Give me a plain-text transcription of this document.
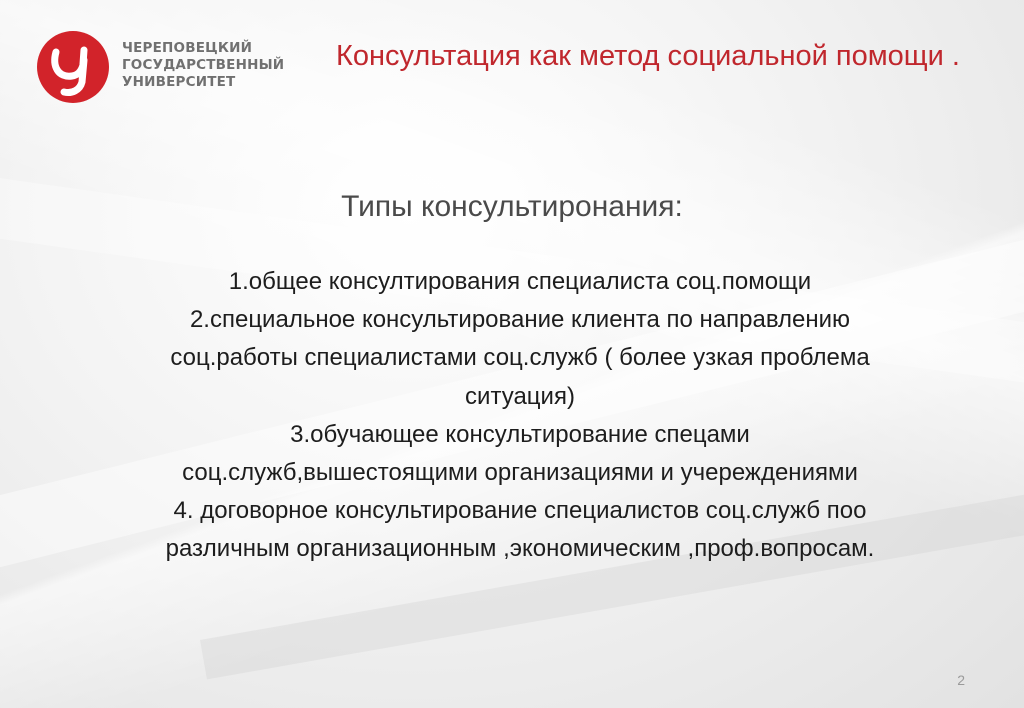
ЧЕРЕПОВЕЦКИЙ
ГОСУДАРСТВЕННЫЙ
УНИВЕРСИТЕТ
Консультация как метод социальной помощи .
Типы консультиронания:
1.общее консултирования специалиста соц.помощи
2.специальное консультирование клиента по направлению
соц.работы специалистами соц.служб ( более узкая проблема
ситуация)
3.обучающее консультирование спецами
соц.служб,вышестоящими организациями и учереждениями
4. договорное консультирование специалистов соц.служб поо
различным организационным ,экономическим ,проф.вопросам.
2
